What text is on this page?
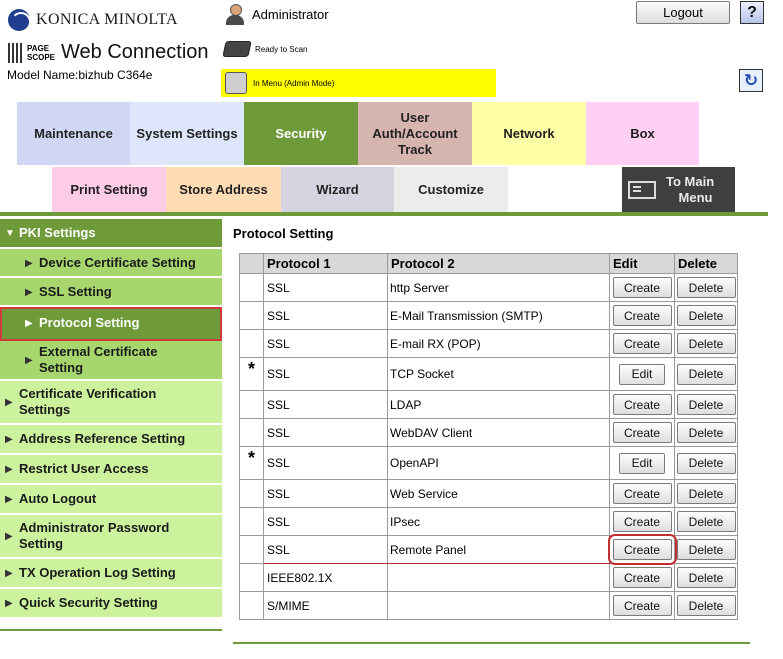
KONICA MINOLTA
PAGE
SCOPE Web Connection
Model Name:bizhub C364e
Administrator
Ready to Scan
In Menu (Admin Mode)
Logout	?
↻
Maintenance	System Settings	Security
User
Auth/Account
Track
Network	Box
Print Setting	Store Address	Wizard	Customize
To Main
Menu
▼ PKI Settings
▶ Device Certificate Setting
▶ SSL Setting
▶ Protocol Setting
▶
External Certificate
Setting
▶
Certificate Verification
Settings
▶ Address Reference Setting
▶ Restrict User Access
▶ Auto Logout
▶
Administrator Password
Setting
▶ TX Operation Log Setting
▶ Quick Security Setting
Protocol Setting
	Protocol 1	Protocol 2	Edit	Delete
	SSL	http Server	Create	Delete
	SSL	E-Mail Transmission (SMTP)	Create	Delete
	SSL	E-mail RX (POP)	Create	Delete
*	SSL	TCP Socket	Edit	Delete
	SSL	LDAP	Create	Delete
	SSL	WebDAV Client	Create	Delete
*	SSL	OpenAPI	Edit	Delete
	SSL	Web Service	Create	Delete
	SSL	IPsec	Create	Delete
	SSL	Remote Panel	Create	Delete
	IEEE802.1X		Create	Delete
	S/MIME		Create	Delete
